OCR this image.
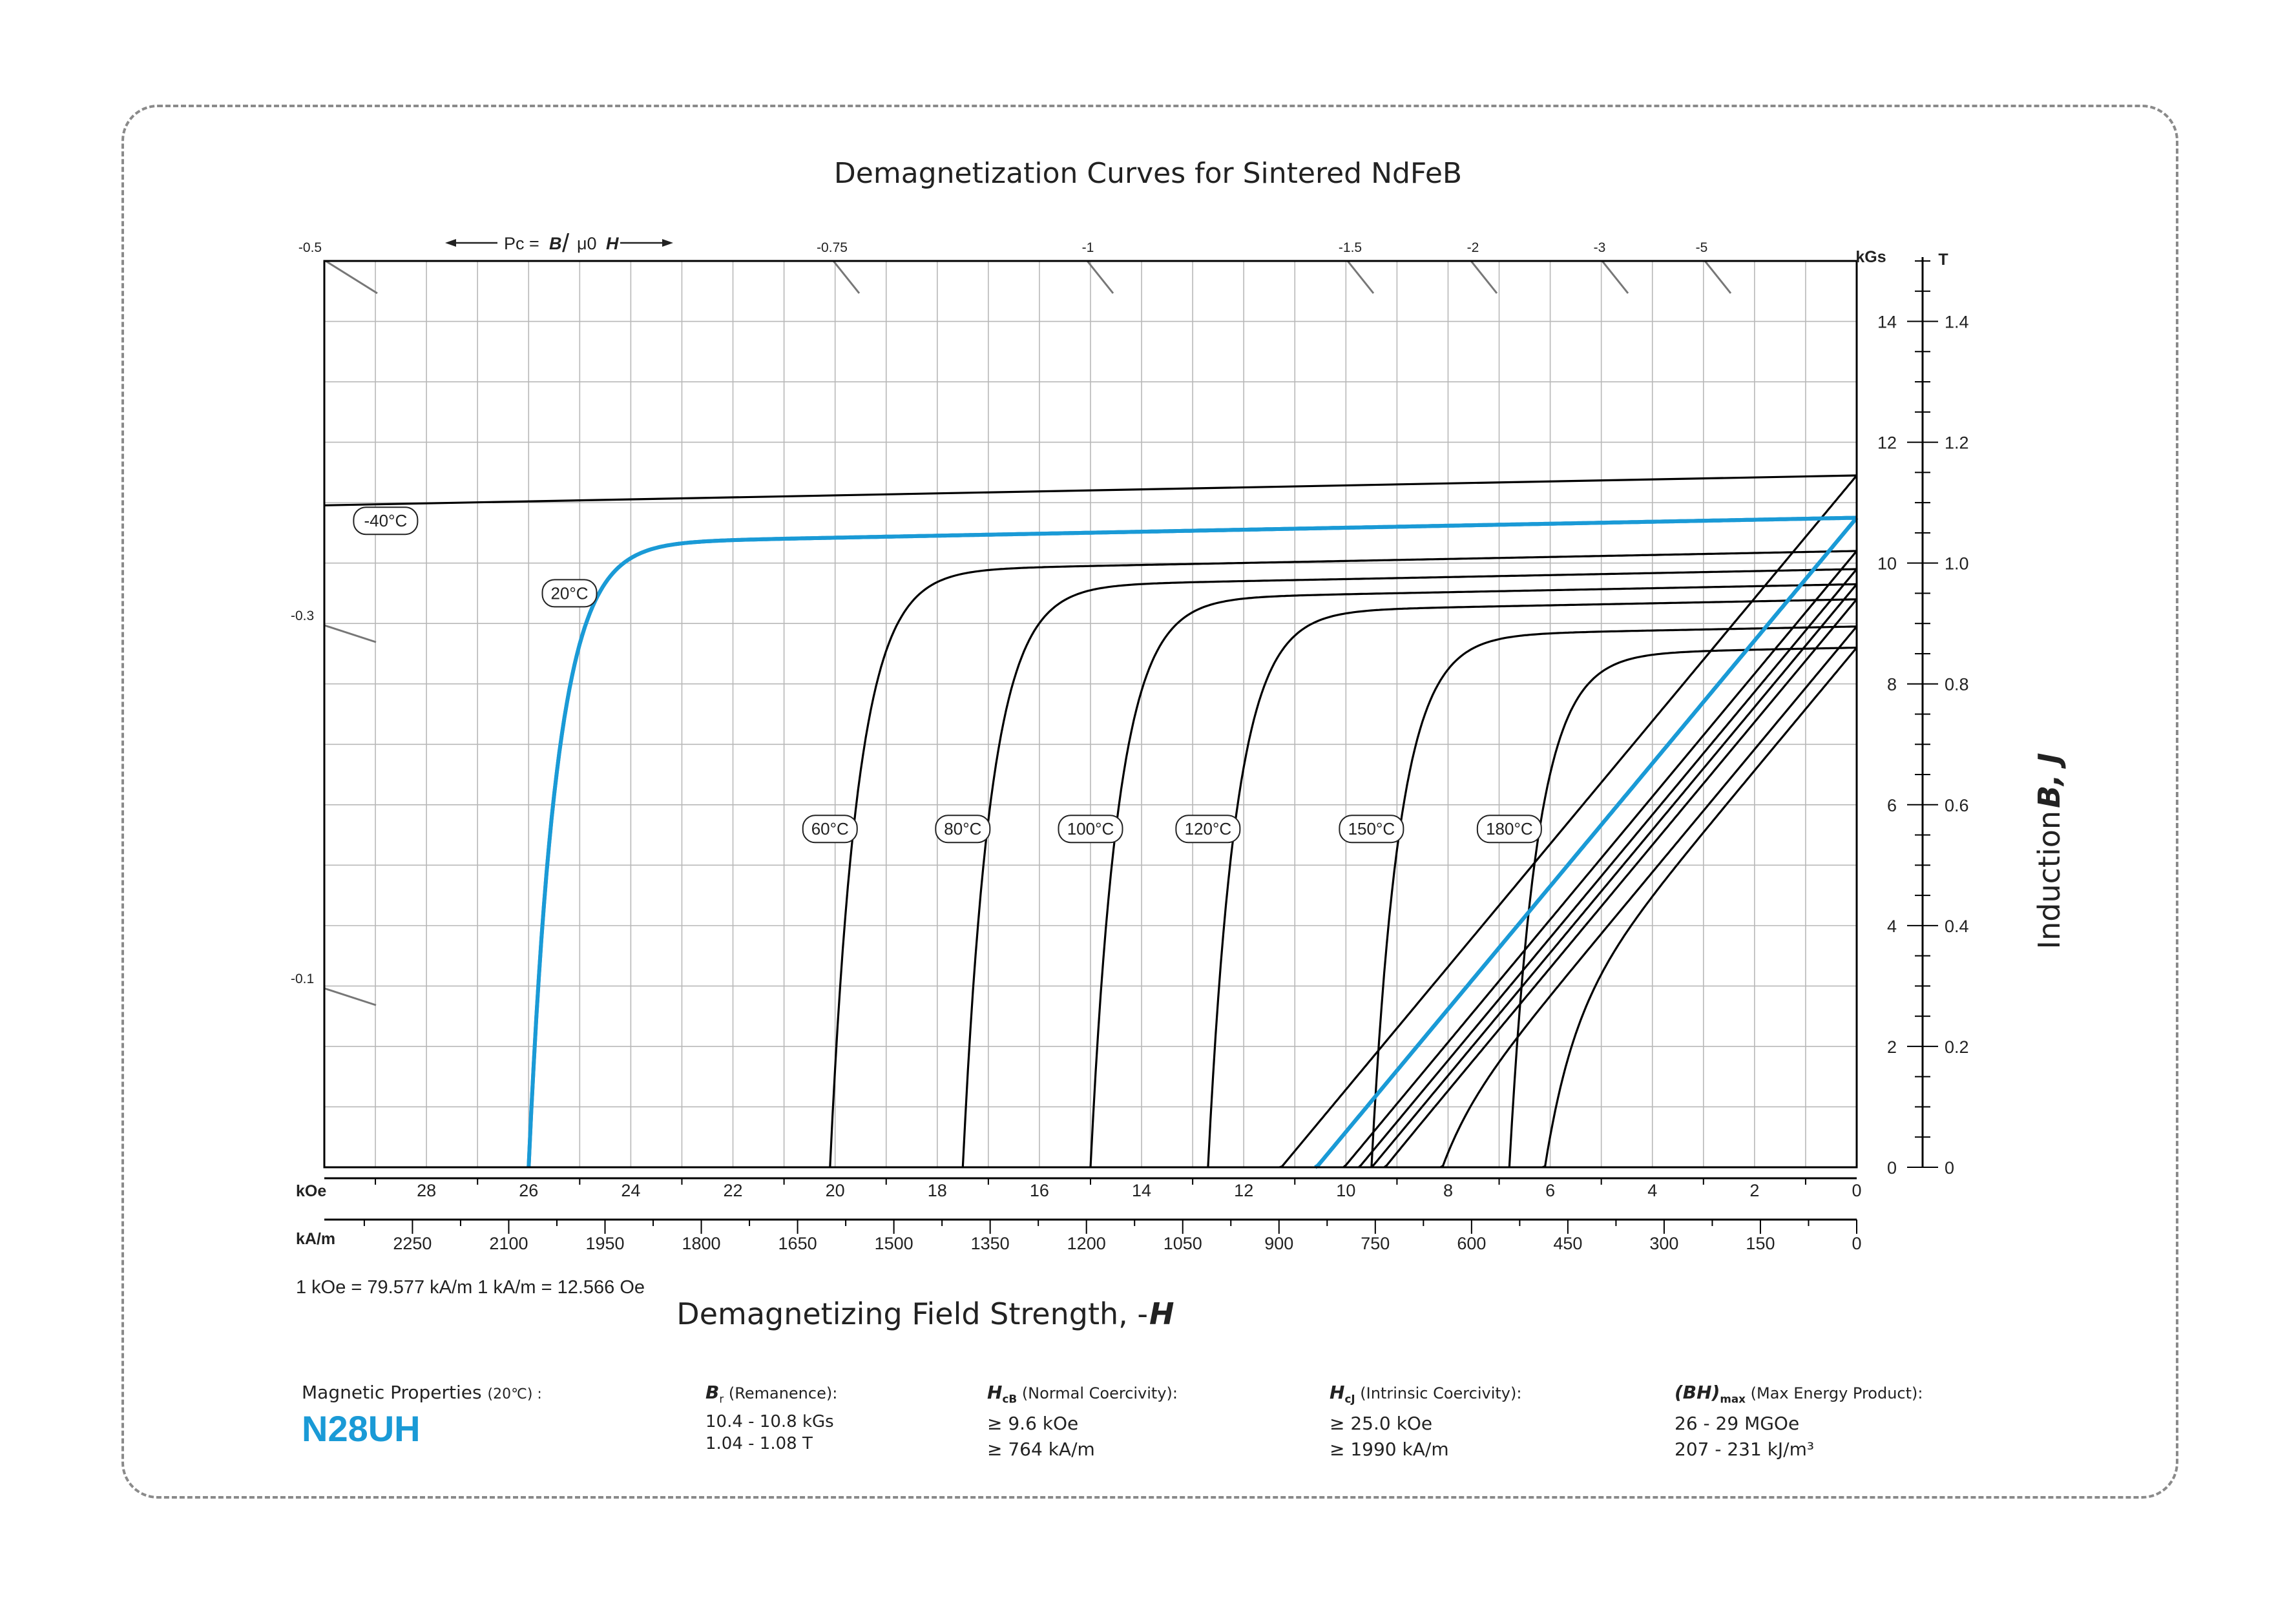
Demagnetization Curves for Sintered NdFeB
-0.5	-0.75	-1	-1.5	-2	-3	-5
-0.3
-0.1
-40°C
20°C
60°C	80°C	100°C	120°C	150°C	180°C
28	26	24	22	20	18	16	14	12	10	8	6	4	2	0
2250	2100	1950	1800	1650	1500	1350	1200	1050	900	750	600	450	300	150	0
0
2
4
6
8
10
12
14
0
0.2
0.4
0.6
0.8
1.0
1.2
1.4
Pc = B / μ0 H
kGs	T
kOe
kA/m
1 kOe = 79.577 kA/m 1 kA/m = 12.566 Oe
Demagnetizing Field Strength, - H
Induction
B, J
Magnetic Properties (20℃) :
N28UH
$B_r$ (Remanence):
10.4 - 10.8 kGs
1.04 - 1.08 T
$H_{cB}$ (Normal Coercivity):
≥ 9.6 kOe
≥ 764 kA/m
$H_{cJ}$ (Intrinsic Coercivity):
≥ 25.0 kOe
≥ 1990 kA/m
$(BH)_{max}$ (Max Energy Product):
26 - 29 MGOe
207 - 231 kJ/m³
